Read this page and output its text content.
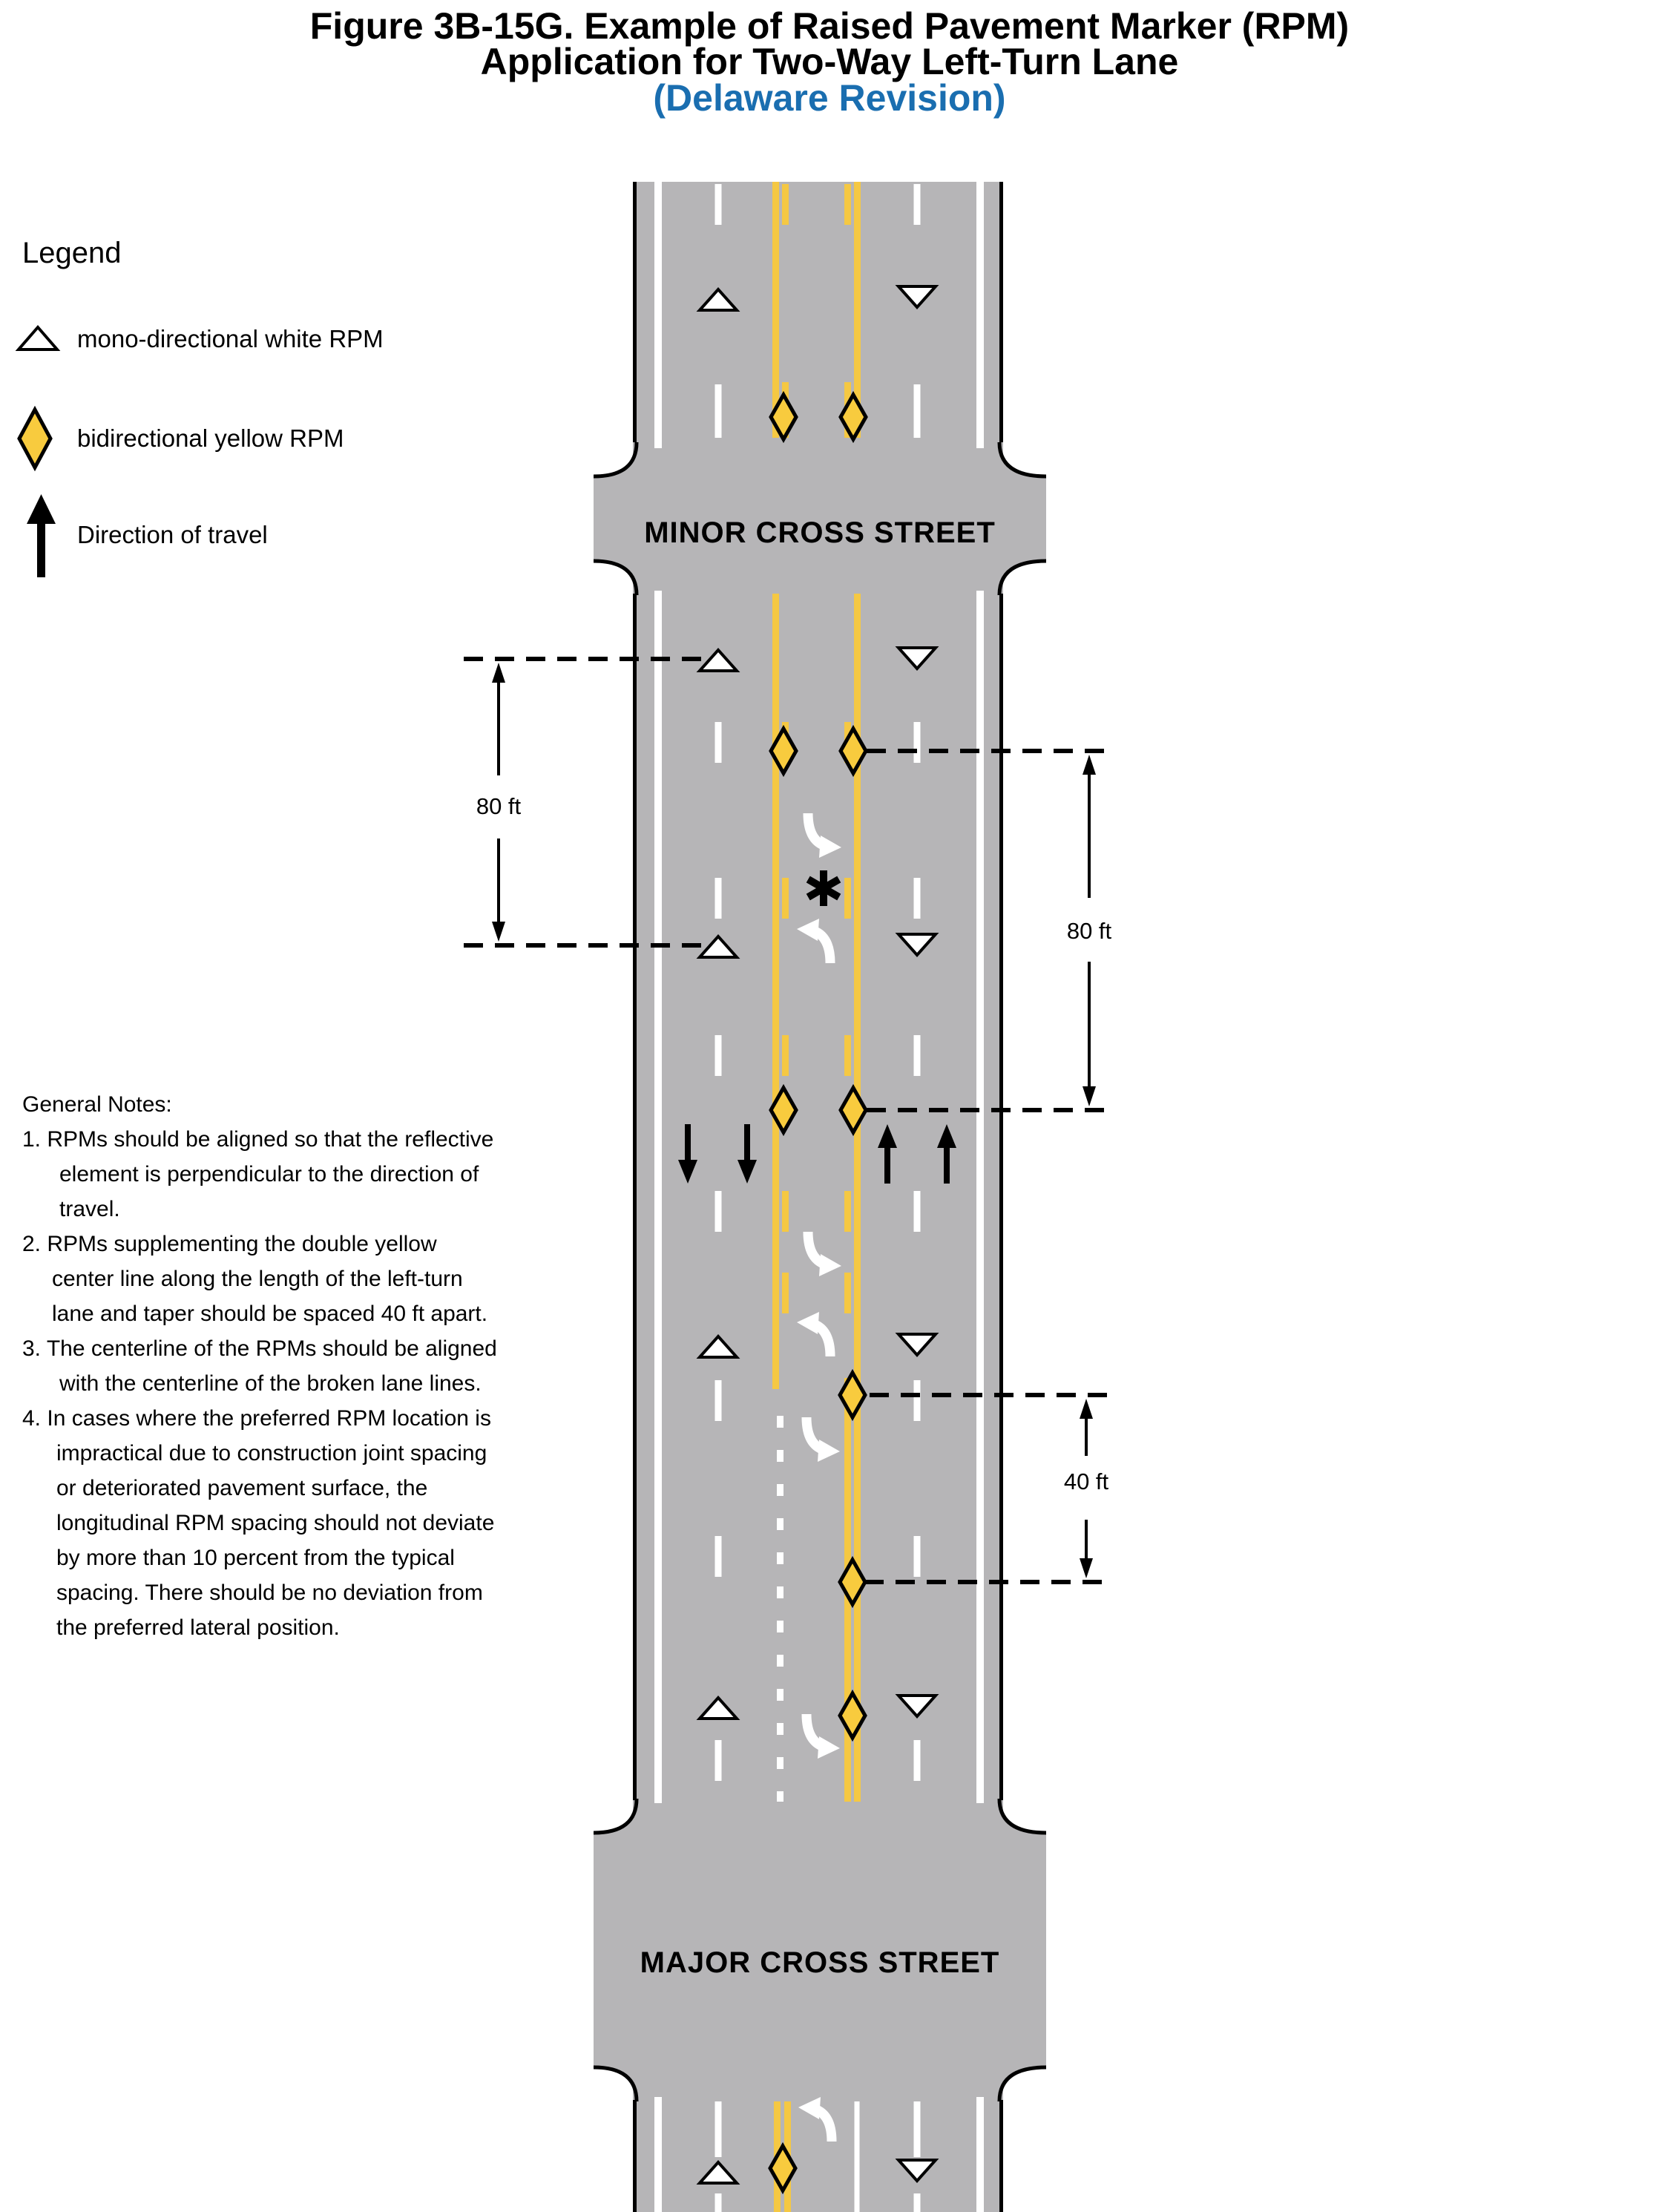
Figure 3B-15G. Example of Raised Pavement Marker (RPM)
Application for Two-Way Left-Turn Lane
(Delaware Revision)
MINOR CROSS STREET
MAJOR CROSS STREET
Legend
mono-directional white RPM
bidirectional yellow RPM
Direction of travel
80 ft
80 ft
40 ft
General Notes:
1. RPMs should be aligned so that the reflective
element is perpendicular to the direction of
travel.
2. RPMs supplementing the double yellow
center line along the length of the left-turn
lane and taper should be spaced 40 ft apart.
3. The centerline of the RPMs should be aligned
with the centerline of the broken lane lines.
4. In cases where the preferred RPM location is
impractical due to construction joint spacing
or deteriorated pavement surface, the
longitudinal RPM spacing should not deviate
by more than 10 percent from the typical
spacing. There should be no deviation from
the preferred lateral position.
